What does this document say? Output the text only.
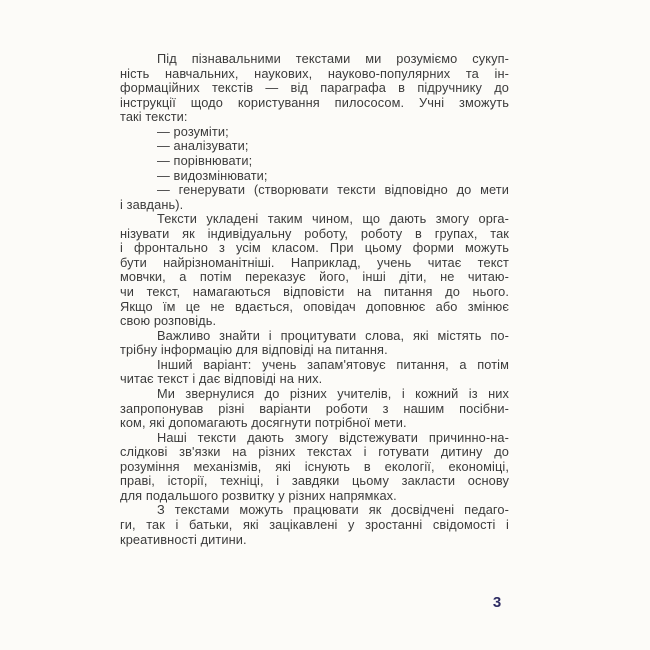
Під пізнавальними текстами ми розуміємо сукуп-
ність навчальних, наукових, науково-популярних та ін-
формаційних текстів — від параграфа в підручнику до
інструкції щодо користування пилососом. Учні зможуть
такі тексти:
— розуміти;
— аналізувати;
— порівнювати;
— видозмінювати;
— генерувати (створювати тексти відповідно до мети
і завдань).
Тексти укладені таким чином, що дають змогу орга-
нізувати як індивідуальну роботу, роботу в групах, так
і фронтально з усім класом. При цьому форми можуть
бути найрізноманітніші. Наприклад, учень читає текст
мовчки, а потім переказує його, інші діти, не читаю-
чи текст, намагаються відповісти на питання до нього.
Якщо їм це не вдається, оповідач доповнює або змінює
свою розповідь.
Важливо знайти і процитувати слова, які містять по-
трібну інформацію для відповіді на питання.
Інший варіант: учень запам'ятовує питання, а потім
читає текст і дає відповіді на них.
Ми звернулися до різних учителів, і кожний із них
запропонував різні варіанти роботи з нашим посібни-
ком, які допомагають досягнути потрібної мети.
Наші тексти дають змогу відстежувати причинно-на-
слідкові зв'язки на різних текстах і готувати дитину до
розуміння механізмів, які існують в екології, економіці,
праві, історії, техніці, і завдяки цьому закласти основу
для подальшого розвитку у різних напрямках.
З текстами можуть працювати як досвідчені педаго-
ги, так і батьки, які зацікавлені у зростанні свідомості і
креативності дитини.
3
